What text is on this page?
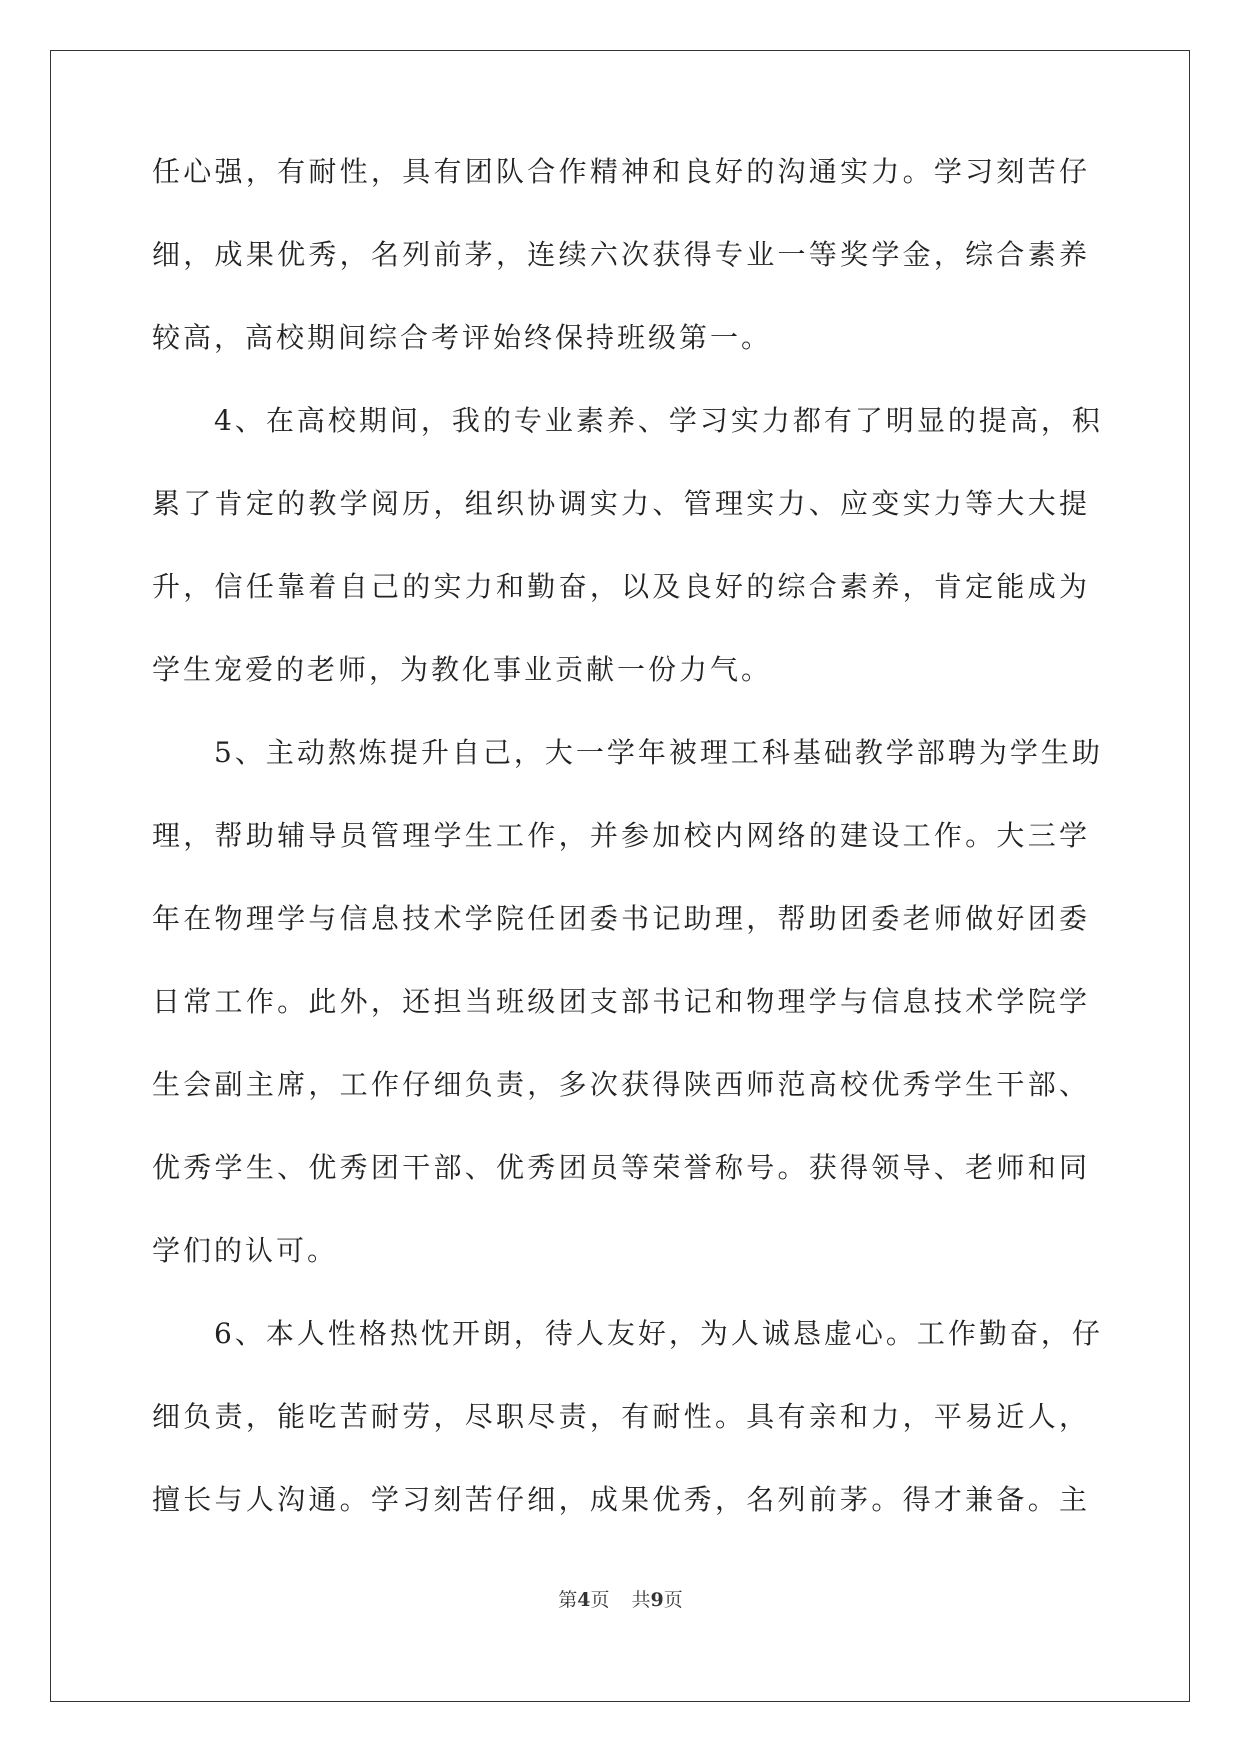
任心强，有耐性，具有团队合作精神和良好的沟通实力。学习刻苦仔
细，成果优秀，名列前茅，连续六次获得专业一等奖学金，综合素养
较高，高校期间综合考评始终保持班级第一。
　　4、在高校期间，我的专业素养、学习实力都有了明显的提高，积
累了肯定的教学阅历，组织协调实力、管理实力、应变实力等大大提
升，信任靠着自己的实力和勤奋，以及良好的综合素养，肯定能成为
学生宠爱的老师，为教化事业贡献一份力气。
　　5、主动熬炼提升自己，大一学年被理工科基础教学部聘为学生助
理，帮助辅导员管理学生工作，并参加校内网络的建设工作。大三学
年在物理学与信息技术学院任团委书记助理，帮助团委老师做好团委
日常工作。此外，还担当班级团支部书记和物理学与信息技术学院学
生会副主席，工作仔细负责，多次获得陕西师范高校优秀学生干部、
优秀学生、优秀团干部、优秀团员等荣誉称号。获得领导、老师和同
学们的认可。
　　6、本人性格热忱开朗，待人友好，为人诚恳虚心。工作勤奋，仔
细负责，能吃苦耐劳，尽职尽责，有耐性。具有亲和力，平易近人，
擅长与人沟通。学习刻苦仔细，成果优秀，名列前茅。得才兼备。主
第4页 共9页
